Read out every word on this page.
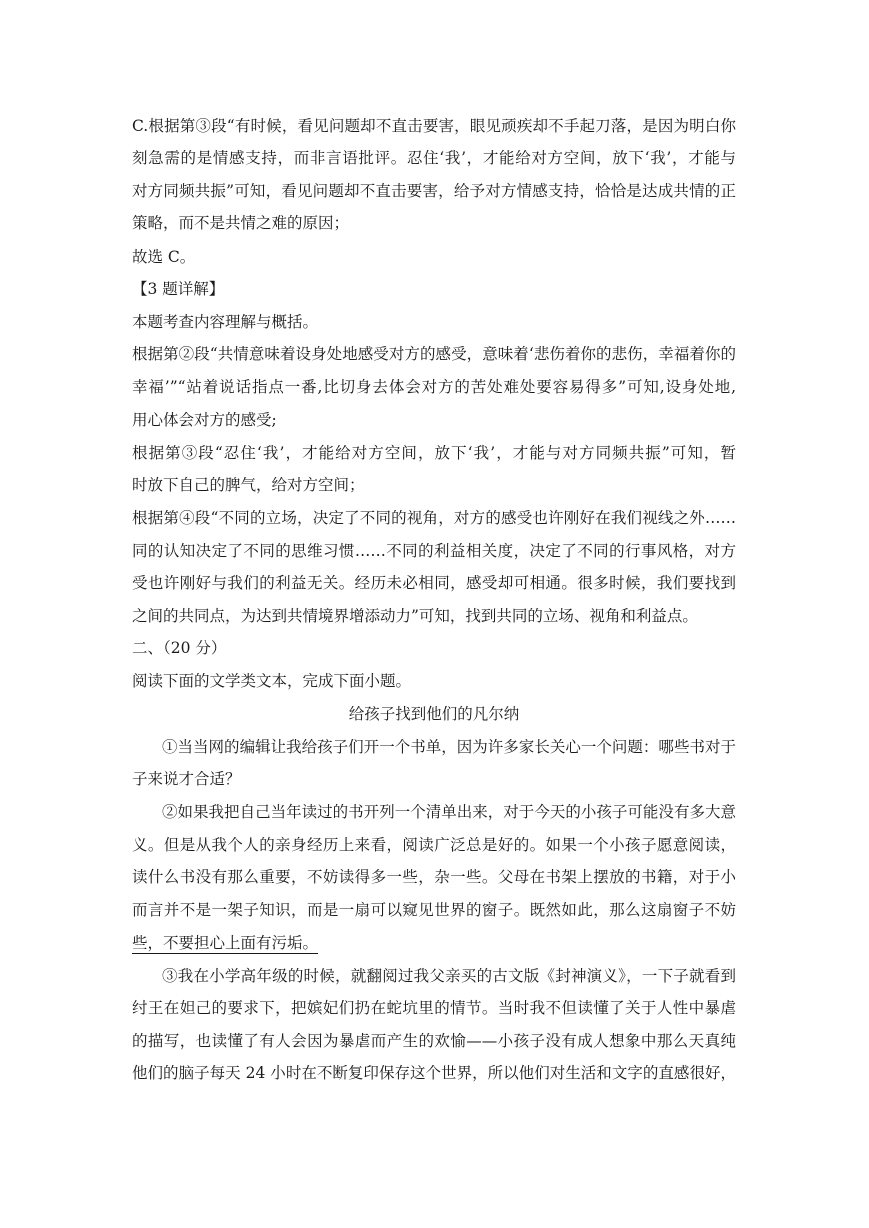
C.根据第③段“有时候，看见问题却不直击要害，眼见顽疾却不手起刀落，是因为明白你
刻急需的是情感支持，而非言语批评。忍住‘我’，才能给对方空间，放下‘我’，才能与
对方同频共振”可知，看见问题却不直击要害，给予对方情感支持，恰恰是达成共情的正
策略，而不是共情之难的原因；
故选 C。
【3 题详解】
本题考查内容理解与概括。
根据第②段“共情意味着设身处地感受对方的感受，意味着‘悲伤着你的悲伤，幸福着你的
幸福’”“站着说话指点一番,比切身去体会对方的苦处难处要容易得多”可知,设身处地,
用心体会对方的感受;
根据第③段“忍住‘我’，才能给对方空间，放下‘我’，才能与对方同频共振”可知，暂
时放下自己的脾气，给对方空间；
根据第④段“不同的立场，决定了不同的视角，对方的感受也许刚好在我们视线之外……
同的认知决定了不同的思维习惯……不同的利益相关度，决定了不同的行事风格，对方
受也许刚好与我们的利益无关。经历未必相同，感受却可相通。很多时候，我们要找到
之间的共同点，为达到共情境界增添动力”可知，找到共同的立场、视角和利益点。
二、（20 分）
阅读下面的文学类文本，完成下面小题。
给孩子找到他们的凡尔纳
①当当网的编辑让我给孩子们开一个书单，因为许多家长关心一个问题：哪些书对于
子来说才合适？
②如果我把自己当年读过的书开列一个清单出来，对于今天的小孩子可能没有多大意
义。但是从我个人的亲身经历上来看，阅读广泛总是好的。如果一个小孩子愿意阅读，
读什么书没有那么重要，不妨读得多一些，杂一些。父母在书架上摆放的书籍，对于小
而言并不是一架子知识，而是一扇可以窥见世界的窗子。既然如此，那么这扇窗子不妨
些，不要担心上面有污垢。
③我在小学高年级的时候，就翻阅过我父亲买的古文版《封神演义》，一下子就看到
纣王在妲己的要求下，把嫔妃们扔在蛇坑里的情节。当时我不但读懂了关于人性中暴虐
的描写，也读懂了有人会因为暴虐而产生的欢愉——小孩子没有成人想象中那么天真纯
他们的脑子每天 24 小时在不断复印保存这个世界，所以他们对生活和文字的直感很好，
